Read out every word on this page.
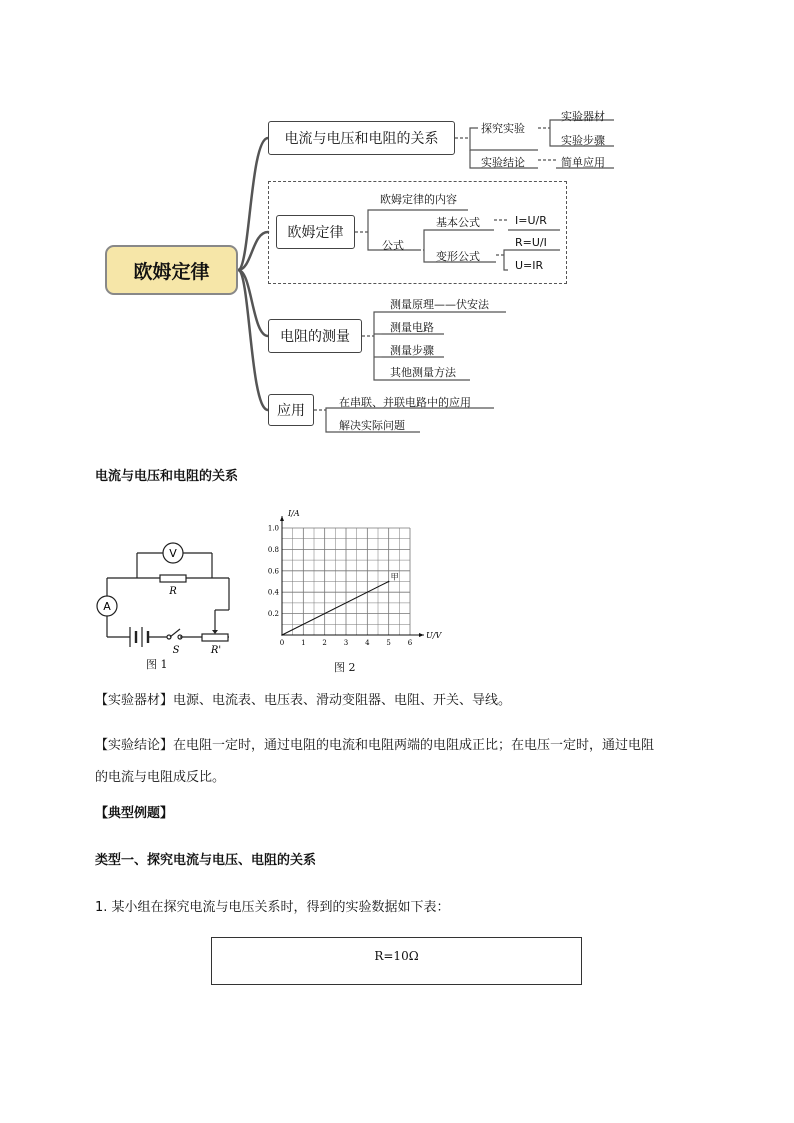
欧姆定律
电流与电压和电阻的关系
探究实验
实验器材
实验步骤
实验结论	简单应用
欧姆定律
欧姆定律的内容
公式
基本公式	I=U/R
变形公式
R=U/I
U=IR
电阻的测量
测量原理——伏安法
测量电路
测量步骤
其他测量方法
应用
在串联、并联电路中的应用
解决实际问题
电流与电压和电阻的关系
V
A
R
S	R'
图 1
0 1 2 3 4 5 6
0.2
0.4
0.6
0.8
1.0
I/A
U/V
甲
图 2
【实验器材】电源、电流表、电压表、滑动变阻器、电阻、开关、导线。
【实验结论】在电阻一定时，通过电阻的电流和电阻两端的电阻成正比；在电压一定时，通过电阻
的电流与电阻成反比。
【典型例题】
类型一、探究电流与电压、电阻的关系
1. 某小组在探究电流与电压关系时，得到的实验数据如下表：
R=10Ω
